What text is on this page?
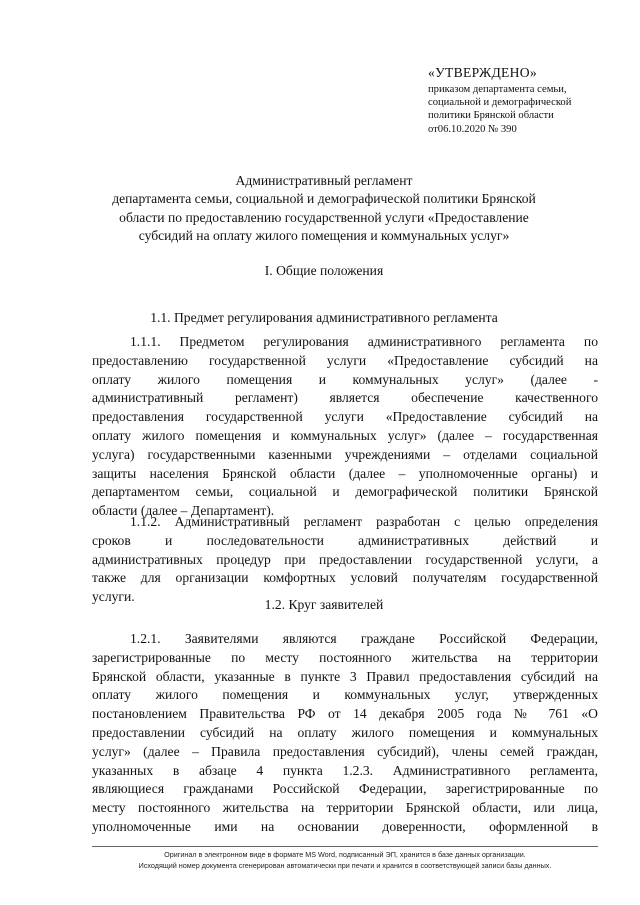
«УТВЕРЖДЕНО»
приказом департамента семьи,
социальной и демографической
политики Брянской области
от06.10.2020 № 390
Административный регламент
департамента семьи, социальной и демографической политики Брянской
области по предоставлению государственной услуги «Предоставление
субсидий на оплату жилого помещения и коммунальных услуг»
I. Общие положения
1.1. Предмет регулирования административного регламента
1.1.1. Предметом регулирования административного регламента по
предоставлению государственной услуги «Предоставление субсидий на
оплату жилого помещения и коммунальных услуг» (далее -
административный регламент) является обеспечение качественного
предоставления государственной услуги «Предоставление субсидий на
оплату жилого помещения и коммунальных услуг» (далее – государственная
услуга) государственными казенными учреждениями – отделами социальной
защиты населения Брянской области (далее – уполномоченные органы) и
департаментом семьи, социальной и демографической политики Брянской
области (далее – Департамент).
1.1.2. Административный регламент разработан с целью определения
сроков и последовательности административных действий и
административных процедур при предоставлении государственной услуги, а
также для организации комфортных условий получателям государственной
услуги.
1.2. Круг заявителей
1.2.1. Заявителями являются граждане Российской Федерации,
зарегистрированные по месту постоянного жительства на территории
Брянской области, указанные в пункте 3 Правил предоставления субсидий на
оплату жилого помещения и коммунальных услуг, утвержденных
постановлением Правительства РФ от 14 декабря 2005 года № 761 «О
предоставлении субсидий на оплату жилого помещения и коммунальных
услуг» (далее – Правила предоставления субсидий), члены семей граждан,
указанных в абзаце 4 пункта 1.2.3. Административного регламента,
являющиеся гражданами Российской Федерации, зарегистрированные по
месту постоянного жительства на территории Брянской области, или лица,
уполномоченные ими на основании доверенности, оформленной в
Оригинал в электронном виде в формате MS Word, подписанный ЭП, хранится в базе данных организации.
Исходящий номер документа сгенерирован автоматически при печати и хранится в соответствующей записи базы данных.
